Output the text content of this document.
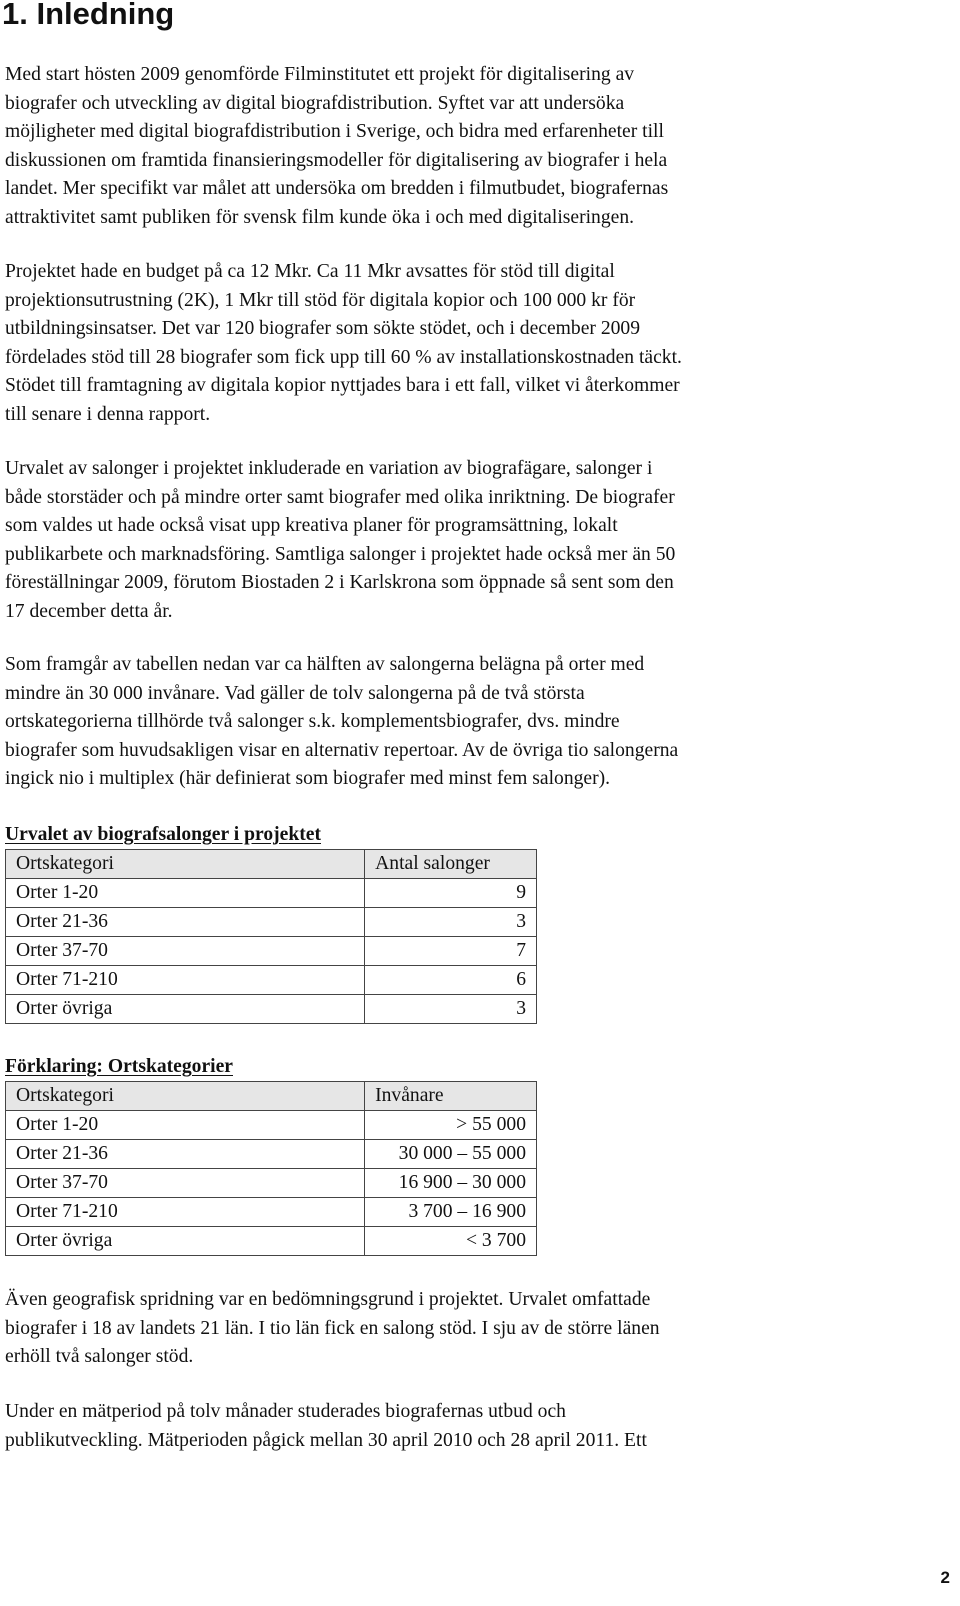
1. Inledning

Med start hösten 2009 genomförde Filminstitutet ett projekt för digitalisering av
biografer och utveckling av digital biografdistribution. Syftet var att undersöka
möjligheter med digital biografdistribution i Sverige, och bidra med erfarenheter till
diskussionen om framtida finansieringsmodeller för digitalisering av biografer i hela
landet. Mer specifikt var målet att undersöka om bredden i filmutbudet, biografernas
attraktivitet samt publiken för svensk film kunde öka i och med digitaliseringen.

Projektet hade en budget på ca 12 Mkr. Ca 11 Mkr avsattes för stöd till digital
projektionsutrustning (2K), 1 Mkr till stöd för digitala kopior och 100 000 kr för
utbildningsinsatser. Det var 120 biografer som sökte stödet, och i december 2009
fördelades stöd till 28 biografer som fick upp till 60 % av installationskostnaden täckt.
Stödet till framtagning av digitala kopior nyttjades bara i ett fall, vilket vi återkommer
till senare i denna rapport.

Urvalet av salonger i projektet inkluderade en variation av biografägare, salonger i
både storstäder och på mindre orter samt biografer med olika inriktning. De biografer
som valdes ut hade också visat upp kreativa planer för programsättning, lokalt
publikarbete och marknadsföring. Samtliga salonger i projektet hade också mer än 50
föreställningar 2009, förutom Biostaden 2 i Karlskrona som öppnade så sent som den
17 december detta år.

Som framgår av tabellen nedan var ca hälften av salongerna belägna på orter med
mindre än 30 000 invånare. Vad gäller de tolv salongerna på de två största
ortskategorierna tillhörde två salonger s.k. komplementsbiografer, dvs. mindre
biografer som huvudsakligen visar en alternativ repertoar. Av de övriga tio salongerna
ingick nio i multiplex (här definierat som biografer med minst fem salonger).

Urvalet av biografsalonger i projektet
Ortskategori	Antal salonger
Orter 1-20	9
Orter 21-36	3
Orter 37-70	7
Orter 71-210	6
Orter övriga	3
Förklaring: Ortskategorier
Ortskategori	Invånare
Orter 1-20	> 55 000
Orter 21-36	30 000 – 55 000
Orter 37-70	16 900 – 30 000
Orter 71-210	3 700 – 16 900
Orter övriga	< 3 700

Även geografisk spridning var en bedömningsgrund i projektet. Urvalet omfattade
biografer i 18 av landets 21 län. I tio län fick en salong stöd. I sju av de större länen
erhöll två salonger stöd.

Under en mätperiod på tolv månader studerades biografernas utbud och
publikutveckling. Mätperioden pågick mellan 30 april 2010 och 28 april 2011. Ett

2
